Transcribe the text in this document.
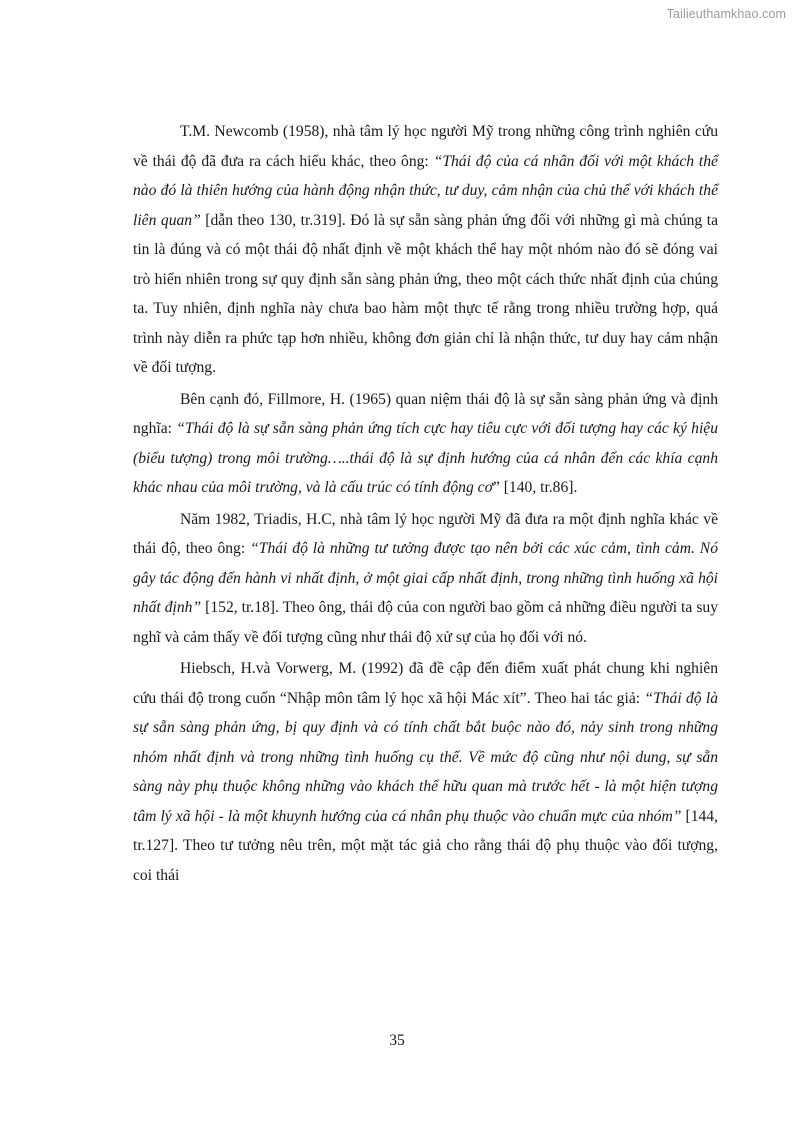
Tailieuthamkhao.com

T.M. Newcomb (1958), nhà tâm lý học người Mỹ trong những công trình nghiên cứu về thái độ đã đưa ra cách hiểu khác, theo ông: “Thái độ của cá nhân đối với một khách thể nào đó là thiên hướng của hành động nhận thức, tư duy, cảm nhận của chủ thể với khách thể liên quan” [dẫn theo 130, tr.319]. Đó là sự sẵn sàng phản ứng đối với những gì mà chúng ta tin là đúng và có một thái độ nhất định về một khách thể hay một nhóm nào đó sẽ đóng vai trò hiển nhiên trong sự quy định sẵn sàng phản ứng, theo một cách thức nhất định của chúng ta. Tuy nhiên, định nghĩa này chưa bao hàm một thực tế rằng trong nhiều trường hợp, quá trình này diễn ra phức tạp hơn nhiều, không đơn giản chỉ là nhận thức, tư duy hay cảm nhận về đối tượng.

Bên cạnh đó, Fillmore, H. (1965) quan niệm thái độ là sự sẵn sàng phản ứng và định nghĩa: “Thái độ là sự sẵn sàng phản ứng tích cực hay tiêu cực với đối tượng hay các ký hiệu (biểu tượng) trong môi trường…..thái độ là sự định hướng của cá nhân đến các khía cạnh khác nhau của môi trường, và là cấu trúc có tính động cơ” [140, tr.86].

Năm 1982, Triadis, H.C, nhà tâm lý học người Mỹ đã đưa ra một định nghĩa khác về thái độ, theo ông: “Thái độ là những tư tưởng được tạo nên bởi các xúc cảm, tình cảm. Nó gây tác động đến hành vi nhất định, ở một giai cấp nhất định, trong những tình huống xã hội nhất định” [152, tr.18]. Theo ông, thái độ của con người bao gồm cả những điều người ta suy nghĩ và cảm thấy về đối tượng cũng như thái độ xử sự của họ đối với nó.

Hiebsch, H.và Vorwerg, M. (1992) đã đề cập đến điểm xuất phát chung khi nghiên cứu thái độ trong cuốn “Nhập môn tâm lý học xã hội Mác xít”. Theo hai tác giả: “Thái độ là sự sẵn sàng phản ứng, bị quy định và có tính chất bắt buộc nào đó, nảy sinh trong những nhóm nhất định và trong những tình huống cụ thể. Về mức độ cũng như nội dung, sự sẵn sàng này phụ thuộc không những vào khách thể hữu quan mà trước hết - là một hiện tượng tâm lý xã hội - là một khuynh hướng của cá nhân phụ thuộc vào chuẩn mực của nhóm” [144, tr.127]. Theo tư tưởng nêu trên, một mặt tác giả cho rằng thái độ phụ thuộc vào đối tượng, coi thái

35
